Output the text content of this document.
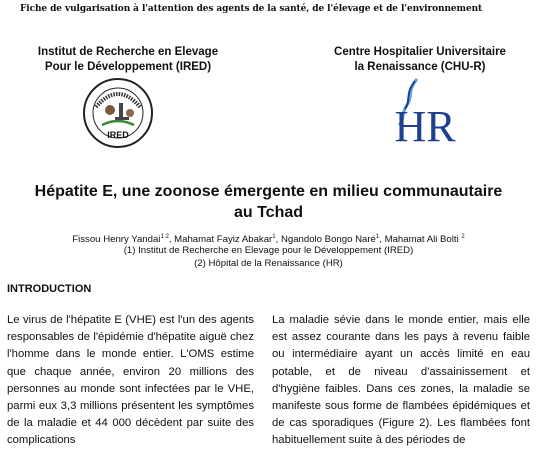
Fiche de vulgarisation à l'attention des agents de la santé, de l'élevage et de l'environnement
Institut de Recherche en Elevage
Pour le Développement (IRED)
Centre Hospitalier Universitaire
la Renaissance (CHU-R)
IRED	HR
Hépatite E, une zoonose émergente en milieu communautaire
au Tchad
Fissou Henry Yandai$^{1 2}$, Mahamat Fayiz Abakar$^1$, Ngandolo Bongo Naré$^1$, Mahamat Ali Bolti $^2$
(1) Institut de Recherche en Elevage pour le Développement (IRED)
(2) Hôpital de la Renaissance (HR)
INTRODUCTION
Le virus de l'hépatite E (VHE) est l'un des agents responsables de l'épidémie d'hépatite aiguë chez l'homme dans le monde entier. L'OMS estime que chaque année, environ 20 millions des personnes au monde sont infectées par le VHE, parmi eux 3,3 millions présentent les symptômes de la maladie et 44 000 décèdent par suite des complications
La maladie sévie dans le monde entier, mais elle est assez courante dans les pays à revenu faible ou intermédiaire ayant un accès limité en eau potable, et de niveau d'assainissement et d'hygiène faibles. Dans ces zones, la maladie se manifeste sous forme de flambées épidémiques et de cas sporadiques (Figure 2). Les flambées font habituellement suite à des périodes de
